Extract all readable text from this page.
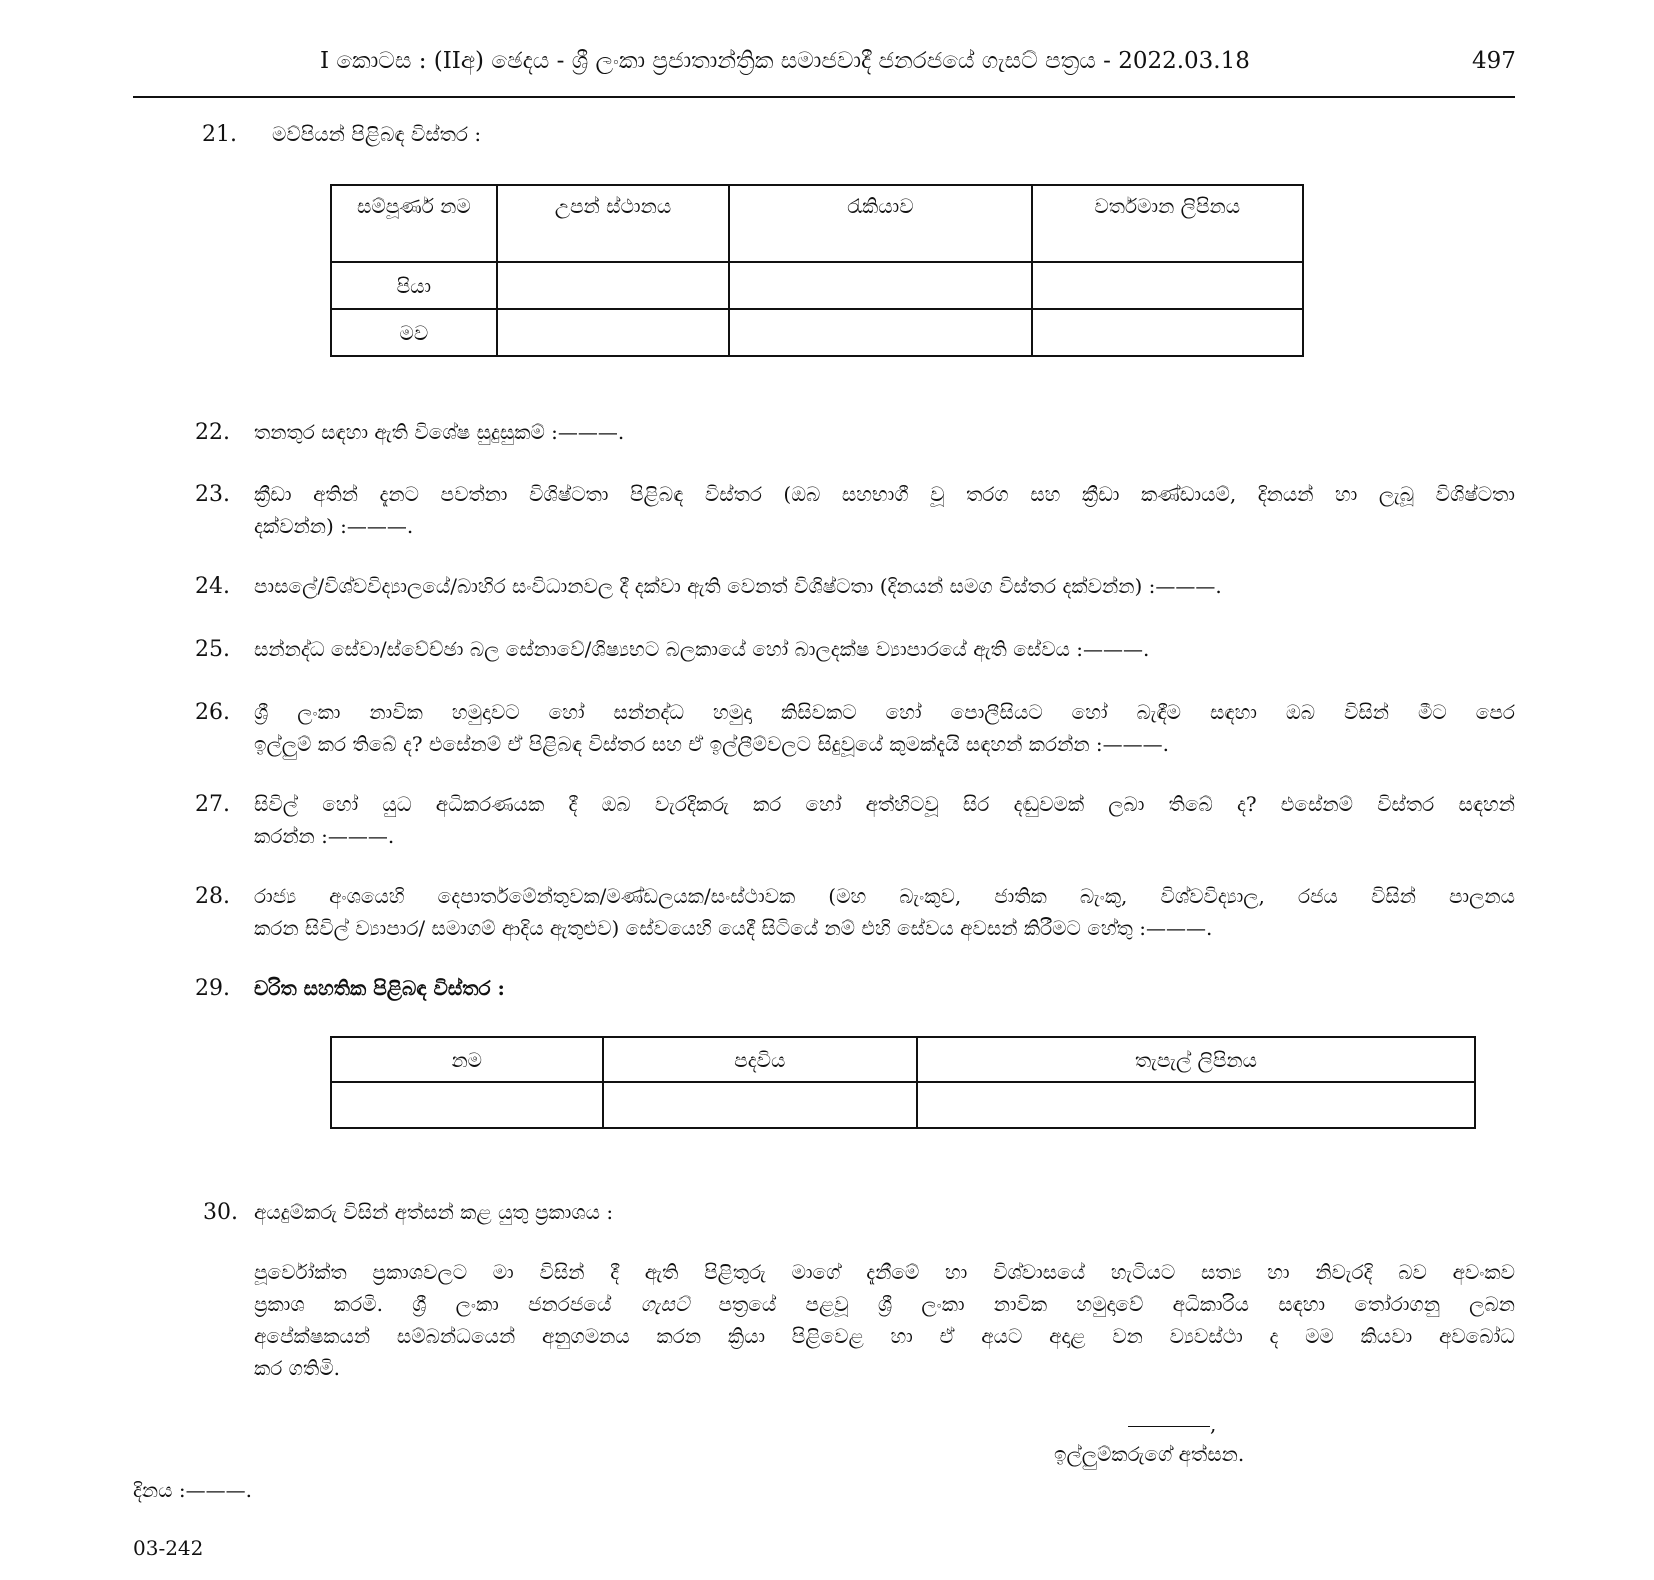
I කොටස : (IIඅ) ඡෙදය - ශ්‍රී ලංකා ප්‍රජාතාන්ත්‍රික සමාජවාදී ජනරජයේ ගැසට් පත්‍රය - 2022.03.18	497
21. මව්පියන් පිළිබඳ විස්තර :
සම්පූර්ණ නම	උපන් ස්ථානය	රැකියාව	වර්තමාන ලිපිනය
පියා			
මව			
22. තනතුර සඳහා ඇති විශේෂ සුදුසුකම් :———.
23. ක්‍රීඩා අතින් දැනට පවත්නා විශිෂ්ටතා පිළිබඳ විස්තර (ඔබ සහභාගී වූ තරග සහ ක්‍රීඩා කණ්ඩායම්, දිනයන් හා ලැබූ විශිෂ්ටතා
දක්වන්න) :———.
24. පාසලේ/විශ්වවිද්‍යාලයේ/බාහිර සංවිධානවල දී දක්වා ඇති වෙනත් විශිෂ්ටතා (දිනයන් සමග විස්තර දක්වන්න) :———.
25. සන්නද්ධ සේවා/ස්වේච්ඡා බල සේනාවේ/ශිෂ්‍යභට බලකායේ හෝ බාලදක්ෂ ව්‍යාපාරයේ ඇති සේවය :———.
26. ශ්‍රී ලංකා නාවික හමුදාවට හෝ සන්නද්ධ හමුදා කිසිවකට හෝ පොලීසියට හෝ බැඳීම සඳහා ඔබ විසින් මීට පෙර
ඉල්ලුම් කර තිබේ ද? එසේනම් ඒ පිළිබඳ විස්තර සහ ඒ ඉල්ලීම්වලට සිදුවූයේ කුමක්දැයි සඳහන් කරන්න :———.
27. සිවිල් හෝ යුධ අධිකරණයක දී ඔබ වැරදිකරු කර හෝ අත්හිටවූ සිර දඬුවමක් ලබා තිබේ ද? එසේනම් විස්තර සඳහන්
කරන්න :———.
28. රාජ්‍ය අංශයෙහි දෙපාර්තමේන්තුවක/මණ්ඩලයක/සංස්ථාවක (මහ බැංකුව, ජාතික බැංකු, විශ්වවිද්‍යාල, රජය විසින් පාලනය
කරන සිවිල් ව්‍යාපාර/ සමාගම් ආදිය ඇතුළුව) සේවයෙහි යෙදී සිටියේ නම් එහි සේවය අවසන් කිරීමට හේතු :———.
29. චරිත සහතික පිළිබඳ විස්තර :
නම	පදවිය	තැපැල් ලිපිනය

30. අයදුම්කරු විසින් අත්සන් කළ යුතු ප්‍රකාශය :
පූර්වෝක්ත ප්‍රකාශවලට මා විසින් දී ඇති පිළිතුරු මාගේ දැනීමේ හා විශ්වාසයේ හැටියට සත්‍ය හා නිවැරදි බව අවංකව
ප්‍රකාශ කරමි. ශ්‍රී ලංකා ජනරජයේ ගැසට් පත්‍රයේ පළවූ ශ්‍රී ලංකා නාවික හමුදාවේ අධිකාරිය සඳහා තෝරාගනු ලබන
අපේක්ෂකයන් සම්බන්ධයෙන් අනුගමනය කරන ක්‍රියා පිළිවෙළ හා ඒ අයට අදාළ වන ව්‍යවස්ථා ද මම කියවා අවබෝධ
කර ගතිමි.
,
ඉල්ලුම්කරුගේ අත්සන.
දිනය :———.
03-242
